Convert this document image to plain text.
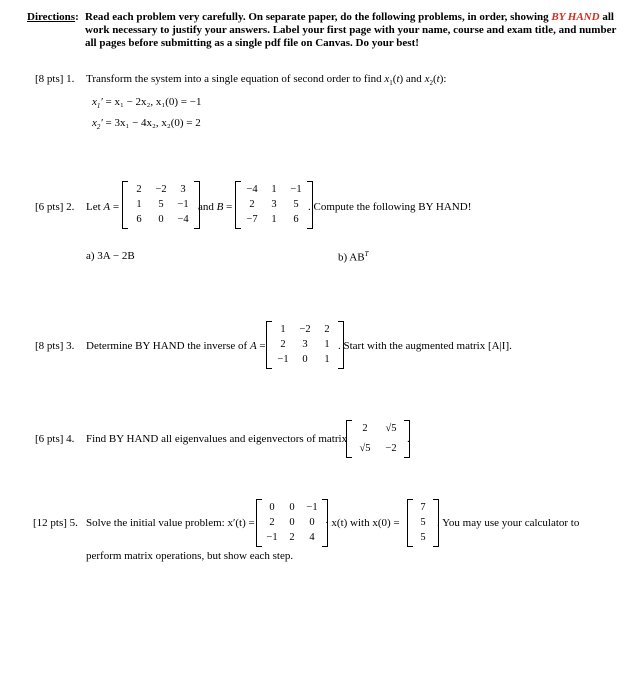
Directions: Read each problem very carefully. On separate paper, do the following problems, in order, showing BY HAND all
work necessary to justify your answers. Label your first page with your name, course and exam title, and number
all pages before submitting as a single pdf file on Canvas. Do your best!
[8 pts] 1. Transform the system into a single equation of second order to find $x_1(t)$ and $x_2(t)$:
$x_1' = x_1 - 2x_2$, x₁(0) = −1
$x_2' = 3x_1 - 4x_2$, x₂(0) = 2
[6 pts] 2. Let A =
2	−2	3
1	5	−1
6	0	−4
and B =
−4	1	−1
2	3	5
−7	1	6
. Compute the following BY HAND!
a) 3A − 2B	b) $AB^T$
[8 pts] 3. Determine BY HAND the inverse of A =
1	−2	2
2	3	1
−1	0	1
. Start with the augmented matrix [A|I].
[6 pts] 4. Find BY HAND all eigenvalues and eigenvectors of matrix
2	√5
√5	−2
.
[12 pts] 5. Solve the initial value problem: x′(t) =
0	0	−1
2	0	0
−1	2	4
· x(t) with x(0) =
7
5
5
. You may use your calculator to
perform matrix operations, but show each step.
